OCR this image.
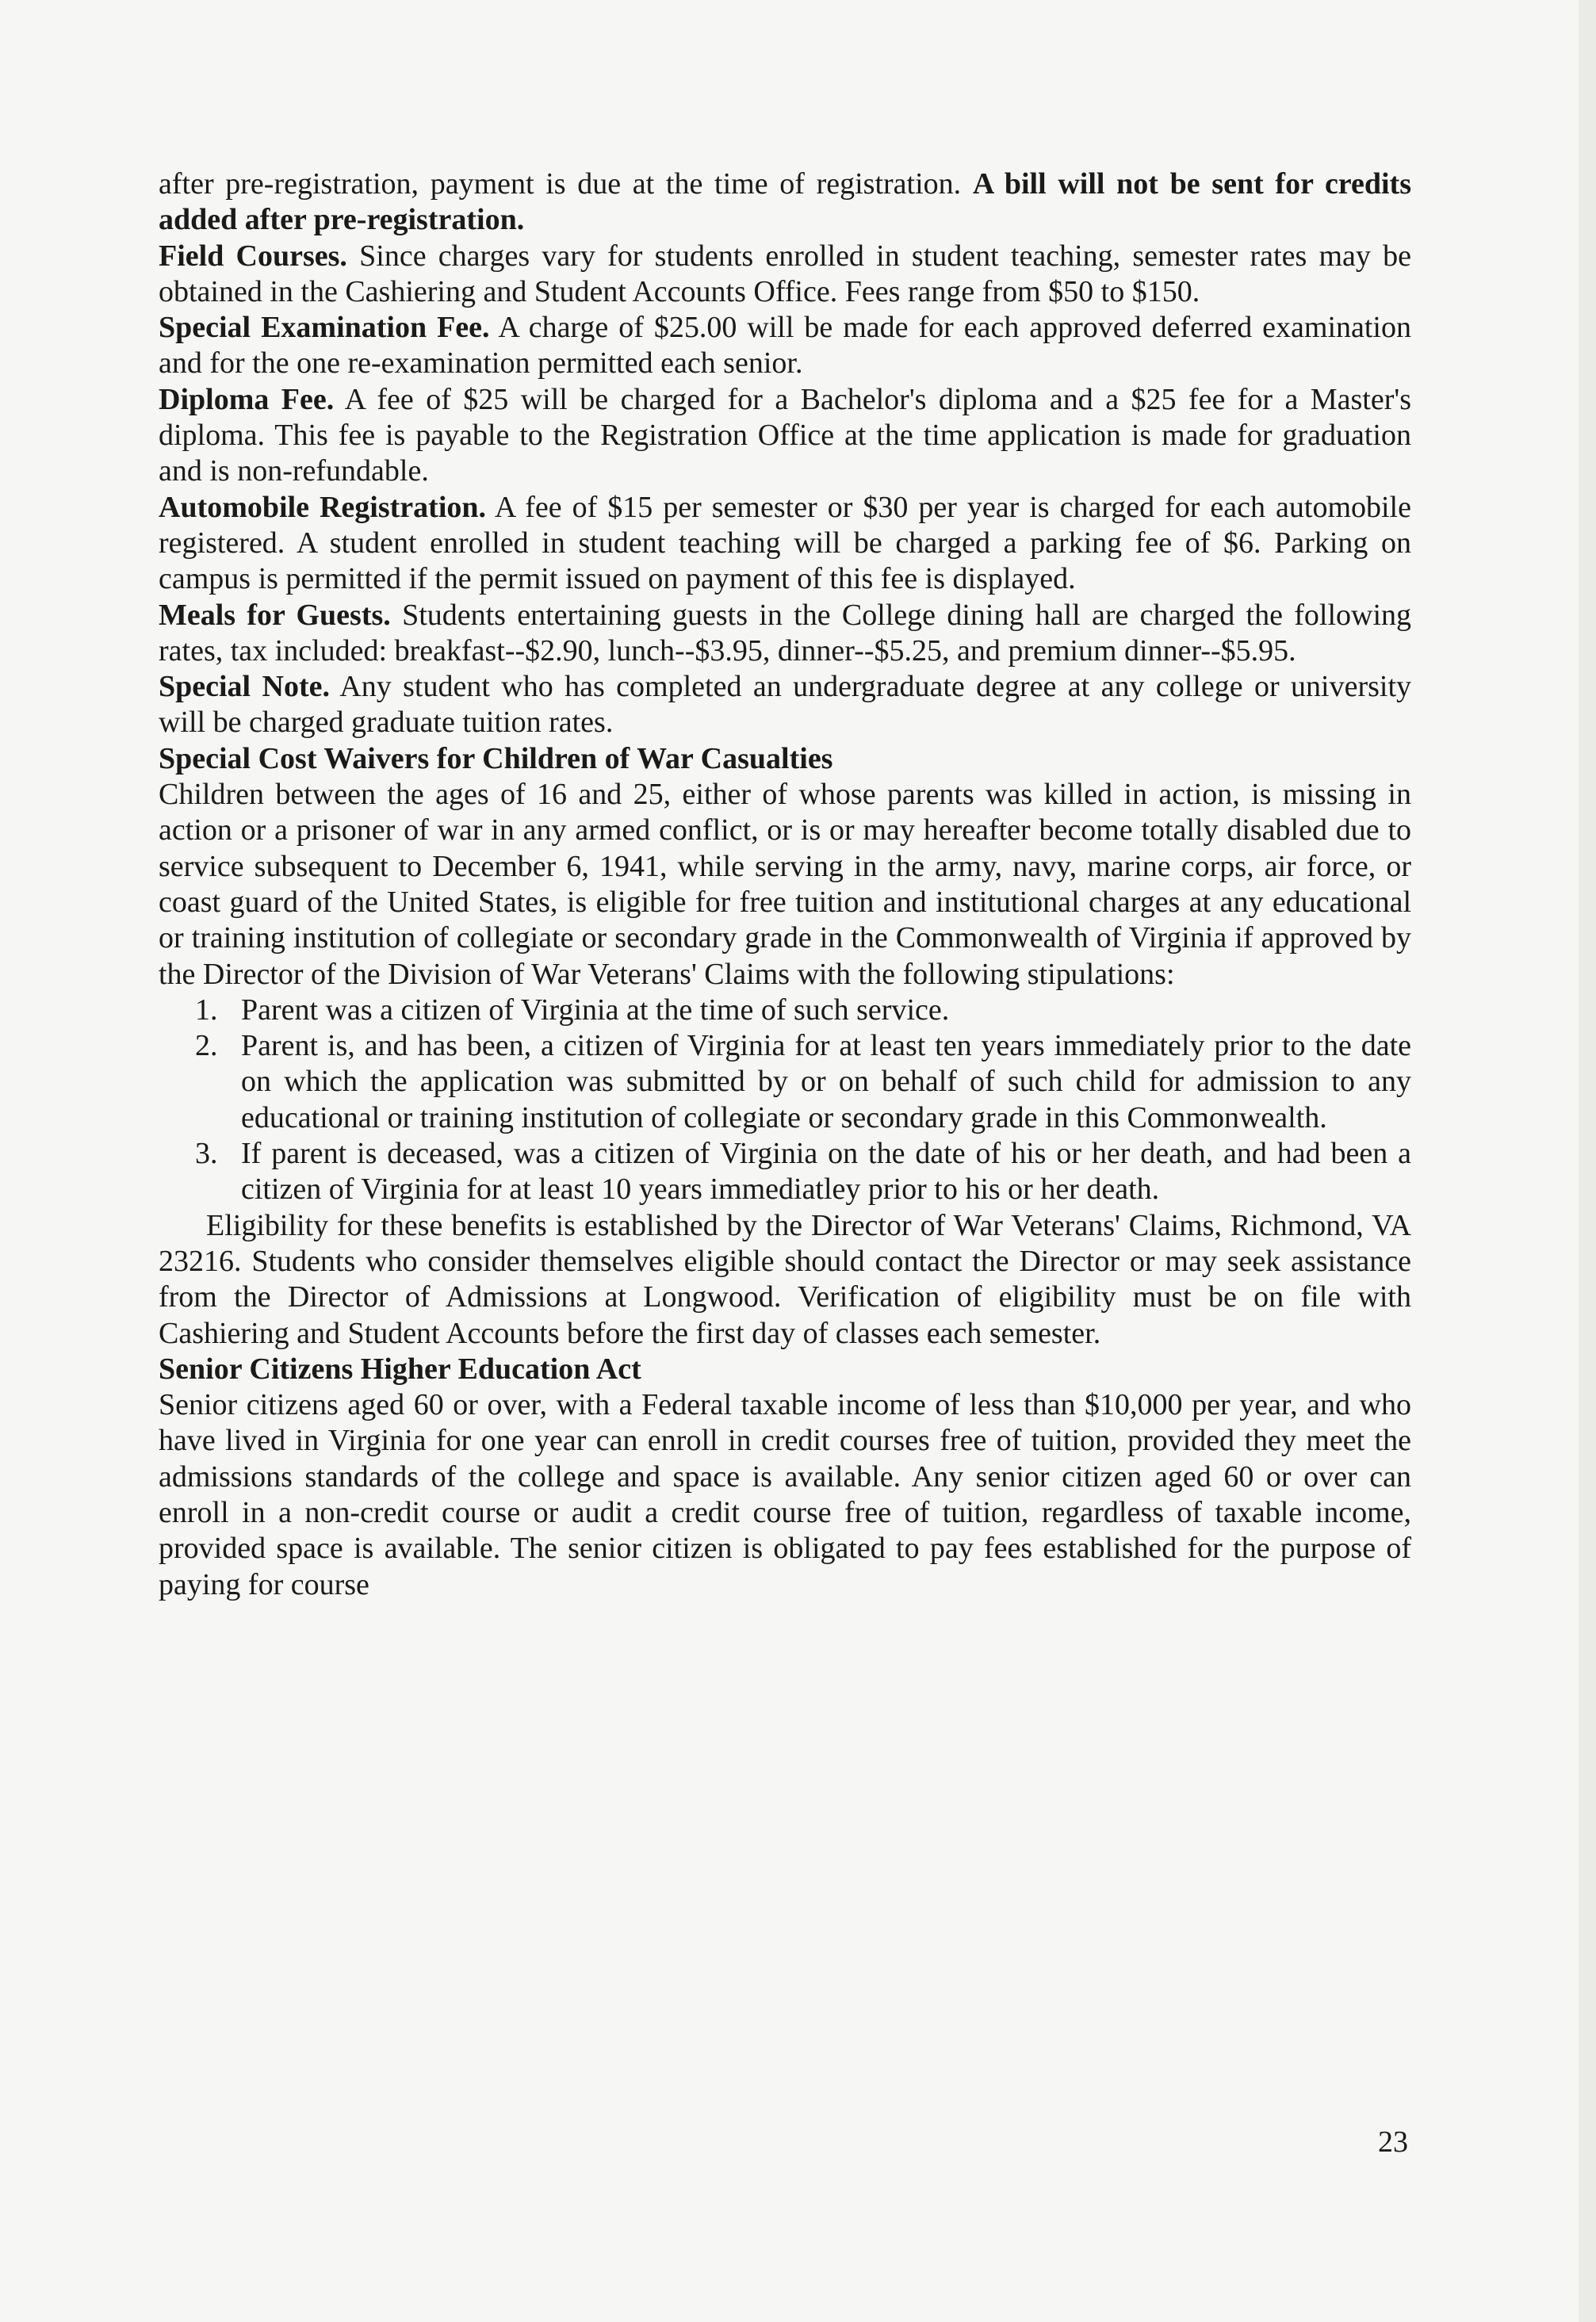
after pre-registration, payment is due at the time of registration. A bill will not be sent for credits added after pre-registration.

Field Courses. Since charges vary for students enrolled in student teaching, semester rates may be obtained in the Cashiering and Student Accounts Office. Fees range from $50 to $150.

Special Examination Fee. A charge of $25.00 will be made for each approved deferred examination and for the one re-examination permitted each senior.

Diploma Fee. A fee of $25 will be charged for a Bachelor's diploma and a $25 fee for a Master's diploma. This fee is payable to the Registration Office at the time application is made for graduation and is non-refundable.

Automobile Registration. A fee of $15 per semester or $30 per year is charged for each automobile registered. A student enrolled in student teaching will be charged a parking fee of $6. Parking on campus is permitted if the permit issued on payment of this fee is displayed.

Meals for Guests. Students entertaining guests in the College dining hall are charged the following rates, tax included: breakfast--$2.90, lunch--$3.95, dinner--$5.25, and premium dinner--$5.95.

Special Note. Any student who has completed an undergraduate degree at any college or university will be charged graduate tuition rates.

Special Cost Waivers for Children of War Casualties

Children between the ages of 16 and 25, either of whose parents was killed in action, is missing in action or a prisoner of war in any armed conflict, or is or may hereafter become totally disabled due to service subsequent to December 6, 1941, while serving in the army, navy, marine corps, air force, or coast guard of the United States, is eligible for free tuition and institutional charges at any educational or training institution of collegiate or secondary grade in the Commonwealth of Virginia if approved by the Director of the Division of War Veterans' Claims with the following stipulations:

1. Parent was a citizen of Virginia at the time of such service.
2. Parent is, and has been, a citizen of Virginia for at least ten years immediately prior to the date on which the application was submitted by or on behalf of such child for admission to any educational or training institution of collegiate or secondary grade in this Commonwealth.
3. If parent is deceased, was a citizen of Virginia on the date of his or her death, and had been a citizen of Virginia for at least 10 years immediatley prior to his or her death.

Eligibility for these benefits is established by the Director of War Veterans' Claims, Richmond, VA 23216. Students who consider themselves eligible should contact the Director or may seek assistance from the Director of Admissions at Longwood. Verification of eligibility must be on file with Cashiering and Student Accounts before the first day of classes each semester.

Senior Citizens Higher Education Act

Senior citizens aged 60 or over, with a Federal taxable income of less than $10,000 per year, and who have lived in Virginia for one year can enroll in credit courses free of tuition, provided they meet the admissions standards of the college and space is available. Any senior citizen aged 60 or over can enroll in a non-credit course or audit a credit course free of tuition, regardless of taxable income, provided space is available. The senior citizen is obligated to pay fees established for the purpose of paying for course

23
